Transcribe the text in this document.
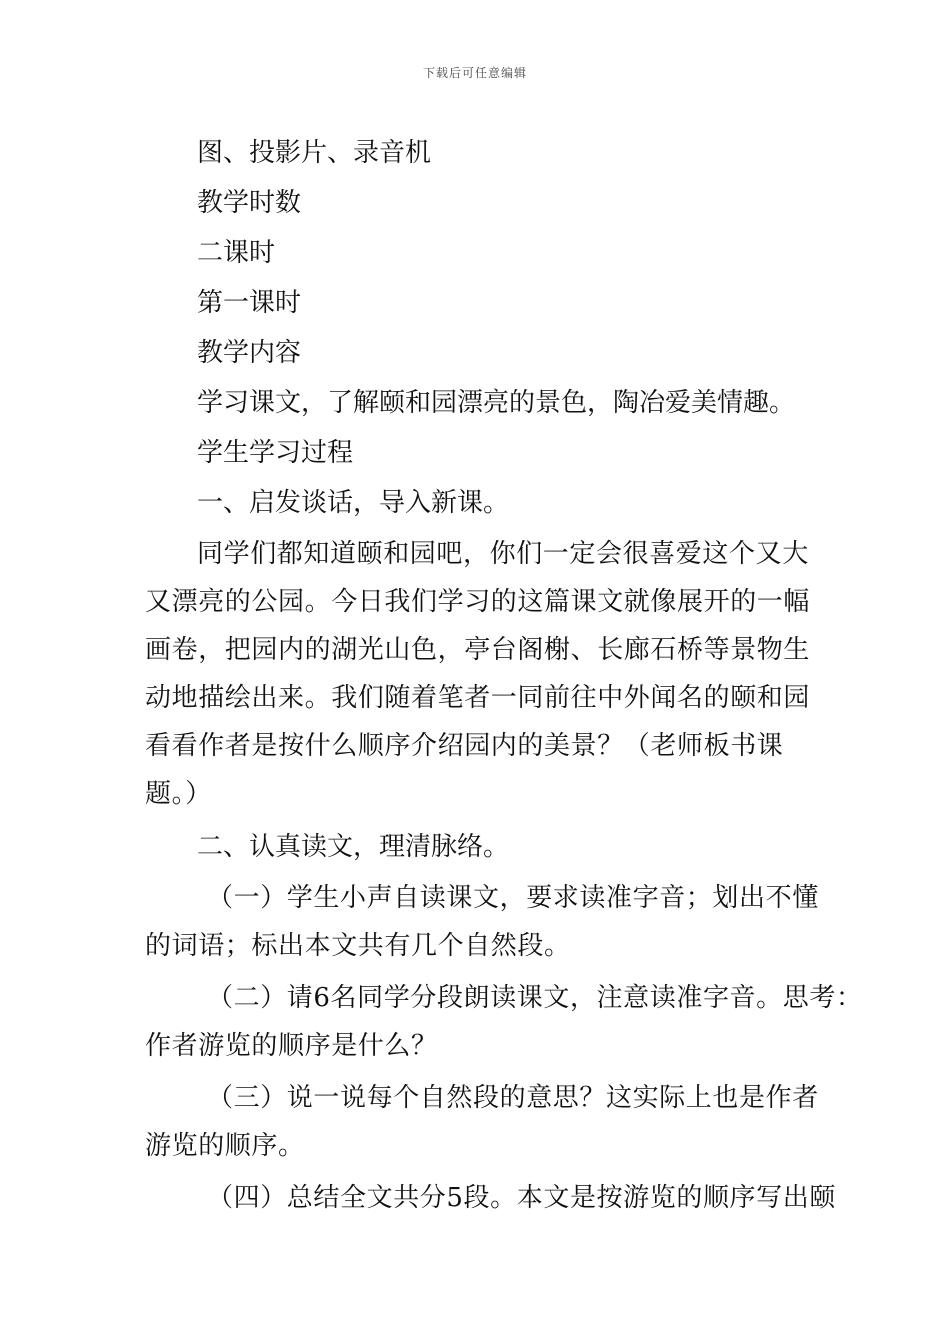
下载后可任意编辑
图、投影片、录音机
教学时数
二课时
第一课时
教学内容
学习课文，了解颐和园漂亮的景色，陶冶爱美情趣。
学生学习过程
一、启发谈话，导入新课。
同学们都知道颐和园吧，你们一定会很喜爱这个又大
又漂亮的公园。今日我们学习的这篇课文就像展开的一幅
画卷，把园内的湖光山色，亭台阁榭、长廊石桥等景物生
动地描绘出来。我们随着笔者一同前往中外闻名的颐和园
看看作者是按什么顺序介绍园内的美景？（老师板书课
题。）
二、认真读文，理清脉络。
（一）学生小声自读课文，要求读准字音；划出不懂
的词语；标出本文共有几个自然段。
（二）请6名同学分段朗读课文，注意读准字音。思考：
作者游览的顺序是什么？
（三）说一说每个自然段的意思？这实际上也是作者
游览的顺序。
（四）总结全文共分5段。本文是按游览的顺序写出颐
